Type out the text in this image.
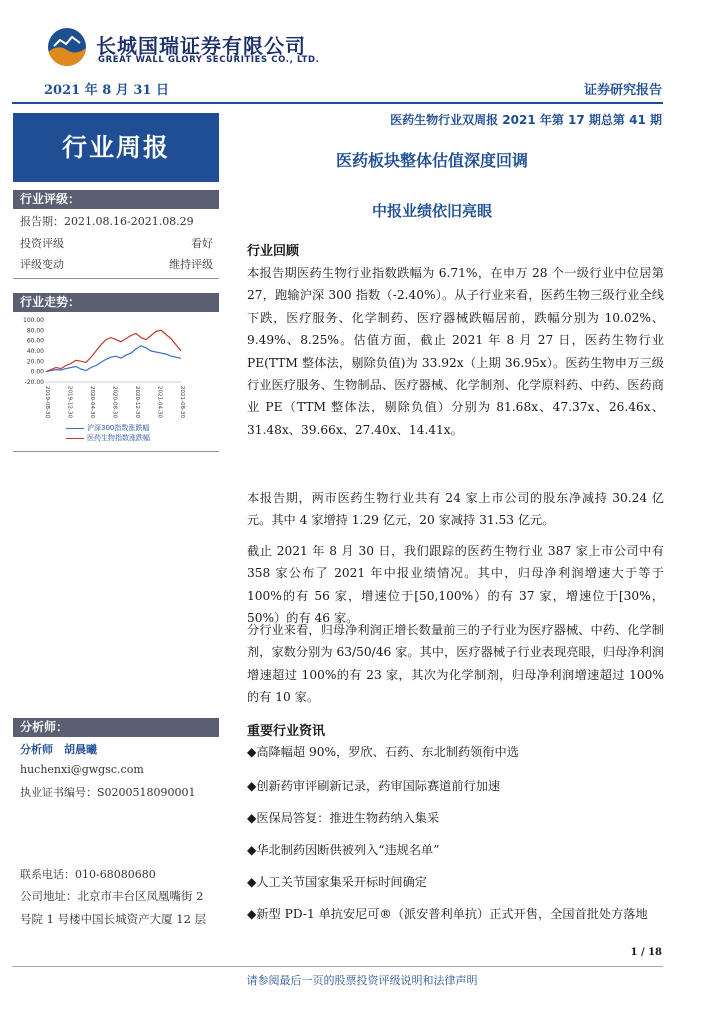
长城国瑞证券有限公司
GREAT WALL GLORY SECURITIES CO., LTD.
2021 年 8 月 31 日	证券研究报告
医药生物行业双周报 2021 年第 17 期总第 41 期
行业周报	医药板块整体估值深度回调
中报业绩依旧亮眼
行业评级：
报告期：2021.08.16-2021.08.29
投资评级	看好
评级变动	维持评级
行业走势：
100.00
80.00
60.00
40.00
20.00
0.00
-20.00
2019-08-30	2019-12-30	2020-04-30	2020-08-30	2020-12-30	2021-04-30	2021-08-30
沪深300指数涨跌幅
医药生物指数涨跌幅
分析师：
分析师　胡晨曦
huchenxi@gwgsc.com
执业证书编号：S0200518090001
联系电话：010-68080680
公司地址：北京市丰台区凤凰嘴街 2 号院 1 号楼中国长城资产大厦 12 层
行业回顾
本报告期医药生物行业指数跌幅为 6.71%，在申万 28 个一级行业中位居第 27，跑输沪深 300 指数（-2.40%）。从子行业来看，医药生物三级行业全线下跌，医疗服务、化学制药、医疗器械跌幅居前，跌幅分别为 10.02%、9.49%、8.25%。估值方面，截止 2021 年 8 月 27 日，医药生物行业 PE(TTM 整体法，剔除负值)为 33.92x（上期 36.95x）。医药生物申万三级行业医疗服务、生物制品、医疗器械、化学制剂、化学原料药、中药、医药商业 PE（TTM 整体法，剔除负值）分别为 81.68x、47.37x、26.46x、31.48x、39.66x、27.40x、14.41x。
本报告期，两市医药生物行业共有 24 家上市公司的股东净减持 30.24 亿元。其中 4 家增持 1.29 亿元，20 家减持 31.53 亿元。
截止 2021 年 8 月 30 日，我们跟踪的医药生物行业 387 家上市公司中有 358 家公布了 2021 年中报业绩情况。其中，归母净利润增速大于等于 100%的有 56 家，增速位于[50,100%）的有 37 家，增速位于[30%，50%）的有 46 家。
分行业来看，归母净利润正增长数量前三的子行业为医疗器械、中药、化学制剂，家数分别为 63/50/46 家。其中，医疗器械子行业表现亮眼，归母净利润增速超过 100%的有 23 家，其次为化学制剂，归母净利润增速超过 100%的有 10 家。
重要行业资讯
◆高降幅超 90%，罗欣、石药、东北制药领衔中选
◆创新药审评刷新记录，药审国际赛道前行加速
◆医保局答复：推进生物药纳入集采
◆华北制药因断供被列入“违规名单”
◆人工关节国家集采开标时间确定
◆新型 PD-1 单抗安尼可®（派安普利单抗）正式开售，全国首批处方落地
1 / 18
请参阅最后一页的股票投资评级说明和法律声明
